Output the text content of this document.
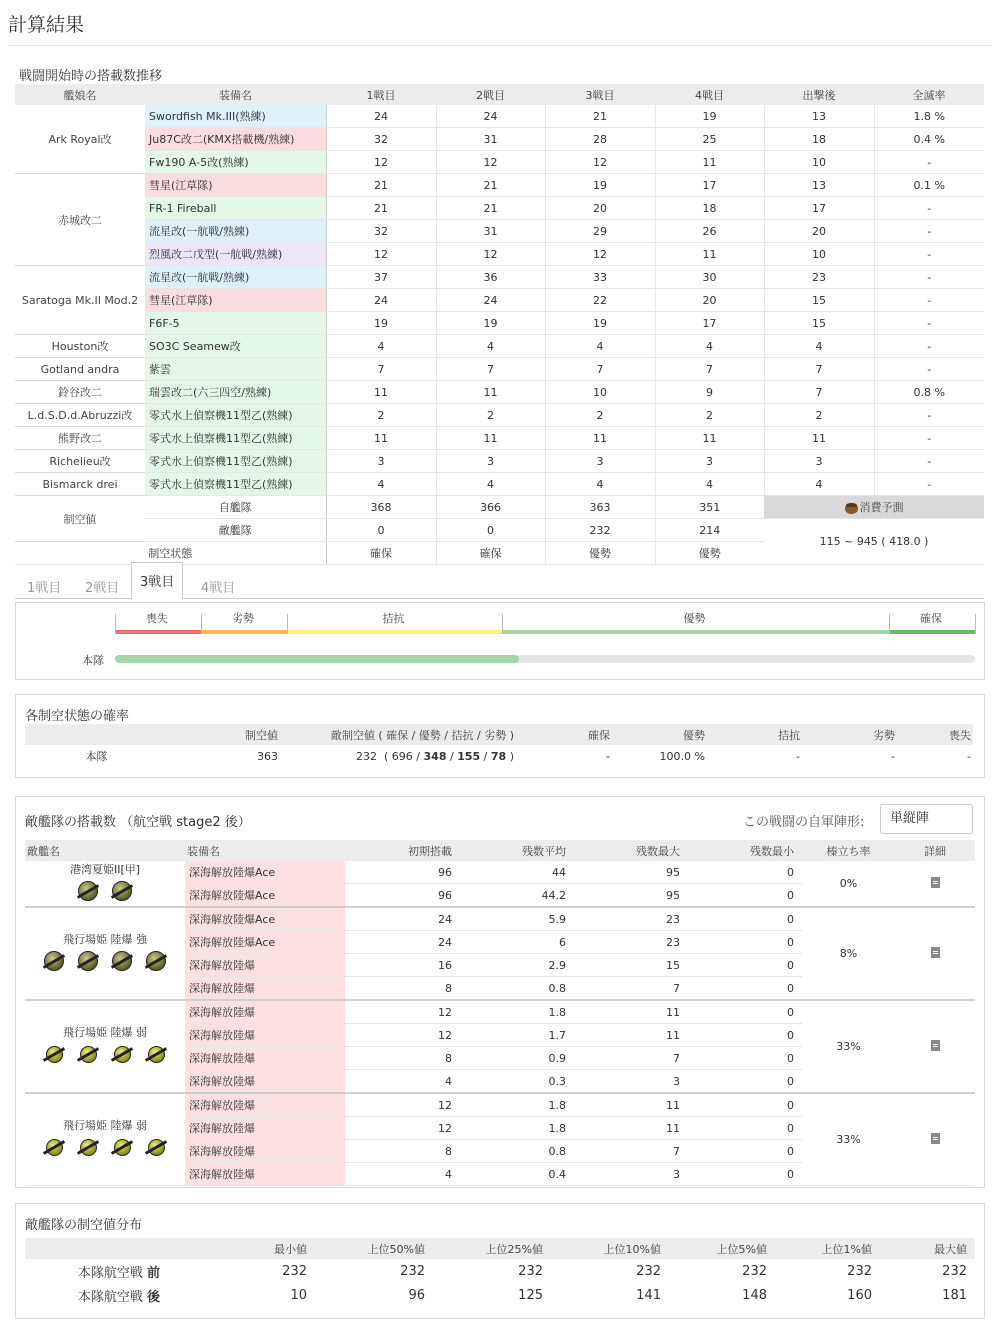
計算結果
戦闘開始時の搭載数推移
艦娘名	装備名	1戦目	2戦目	3戦目	4戦目	出撃後	全滅率
Ark Royal改	Swordfish Mk.III(熟練)	24	24	21	19	13	1.8 %
	Ju87C改二(KMX搭載機/熟練)	32	31	28	25	18	0.4 %
	Fw190 A-5改(熟練)	12	12	12	11	10	-
赤城改二	彗星(江草隊)	21	21	19	17	13	0.1 %
	FR-1 Fireball	21	21	20	18	17	-
	流星改(一航戦/熟練)	32	31	29	26	20	-
	烈風改二戊型(一航戦/熟練)	12	12	12	11	10	-
Saratoga Mk.II Mod.2	流星改(一航戦/熟練)	37	36	33	30	23	-
	彗星(江草隊)	24	24	22	20	15	-
	F6F-5	19	19	19	17	15	-
Houston改	SO3C Seamew改	4	4	4	4	4	-
Gotland andra	紫雲	7	7	7	7	7	-
鈴谷改二	瑞雲改二(六三四空/熟練)	11	11	10	9	7	0.8 %
L.d.S.D.d.Abruzzi改	零式水上偵察機11型乙(熟練)	2	2	2	2	2	-
熊野改二	零式水上偵察機11型乙(熟練)	11	11	11	11	11	-
Richelieu改	零式水上偵察機11型乙(熟練)	3	3	3	3	3	-
Bismarck drei	零式水上偵察機11型乙(熟練)	4	4	4	4	4	-
制空値	自艦隊	368	366	363	351	消費予測	
	敵艦隊	0	0	232	214	115 ~ 945 ( 418.0 )	
制空状態		確保	確保	優勢	優勢		
1戦目 2戦目	3戦目	4戦目
喪失	劣勢	拮抗	優勢	確保
本隊
各制空状態の確率
	制空値	敵制空値 ( 確保 / 優勢 / 拮抗 / 劣勢 )	確保	優勢	拮抗	劣勢	喪失
本隊	363	232 ( 696 / 348 / 155 / 78 )	-	100.0 %	-	-	-
敵艦隊の搭載数 （航空戦 stage2 後）	この戦闘の自軍陣形:	単縦陣
敵艦名	装備名	初期搭載	残数平均	残数最大	残数最小	榛立ち率	詳細

港湾夏姫II[甲]	深海解放陸爆Ace	96	44	95	0	0%	
	深海解放陸爆Ace	96	44.2	95	0		

飛行場姫 陸爆 強	深海解放陸爆Ace	24	5.9	23	0	8%	
	深海解放陸爆Ace	24	6	23	0		
	深海解放陸爆	16	2.9	15	0		
	深海解放陸爆	8	0.8	7	0		

飛行場姫 陸爆 弱	深海解放陸爆	12	1.8	11	0	33%	
	深海解放陸爆	12	1.7	11	0		
	深海解放陸爆	8	0.9	7	0		
	深海解放陸爆	4	0.3	3	0		

飛行場姫 陸爆 弱	深海解放陸爆	12	1.8	11	0	33%	
	深海解放陸爆	12	1.8	11	0		
	深海解放陸爆	8	0.8	7	0		
	深海解放陸爆	4	0.4	3	0		
敵艦隊の制空値分布
	最小値	上位50%値	上位25%値	上位10%値	上位5%値	上位1%値	最大値
本隊航空戦 前	232	232	232	232	232	232	232
本隊航空戦 後	10	96	125	141	148	160	181
